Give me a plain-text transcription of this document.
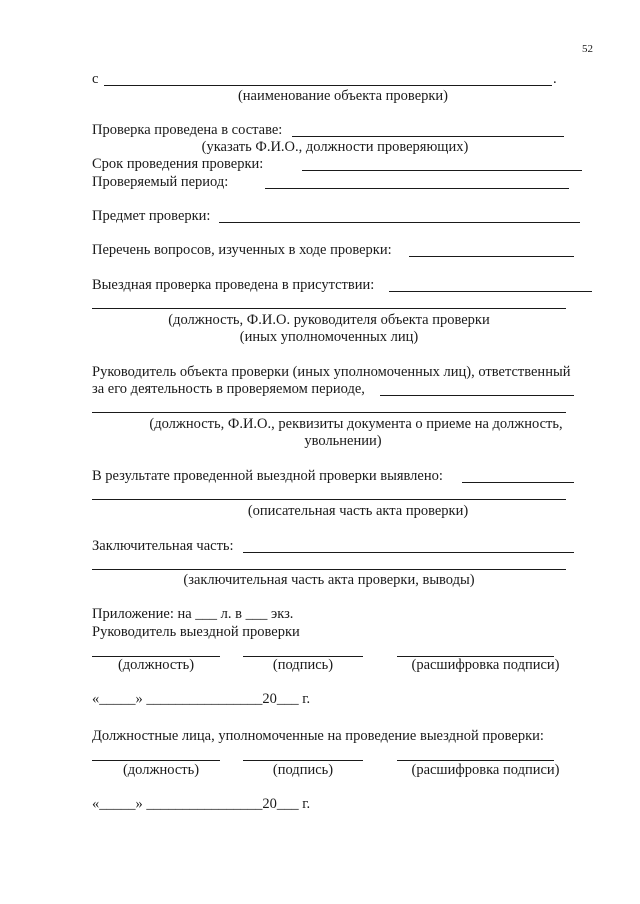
52
с	.
(наименование объекта проверки)
Проверка проведена в составе:
(указать Ф.И.О., должности проверяющих)
Срок проведения проверки:
Проверяемый период:
Предмет проверки:
Перечень вопросов, изученных в ходе проверки:
Выездная проверка проведена в присутствии:
(должность, Ф.И.О. руководителя объекта проверки
(иных уполномоченных лиц)
Руководитель объекта проверки (иных уполномоченных лиц), ответственный
за его деятельность в проверяемом периоде,
(должность, Ф.И.О., реквизиты документа о приеме на должность,
увольнении)
В результате проведенной выездной проверки выявлено:
(описательная часть акта проверки)
Заключительная часть:
(заключительная часть акта проверки, выводы)
Приложение: на ___ л. в ___ экз.
Руководитель выездной проверки
(должность)	(подпись)	(расшифровка подписи)
«_____» ________________20___ г.
Должностные лица, уполномоченные на проведение выездной проверки:
(должность)	(подпись)	(расшифровка подписи)
«_____» ________________20___ г.
